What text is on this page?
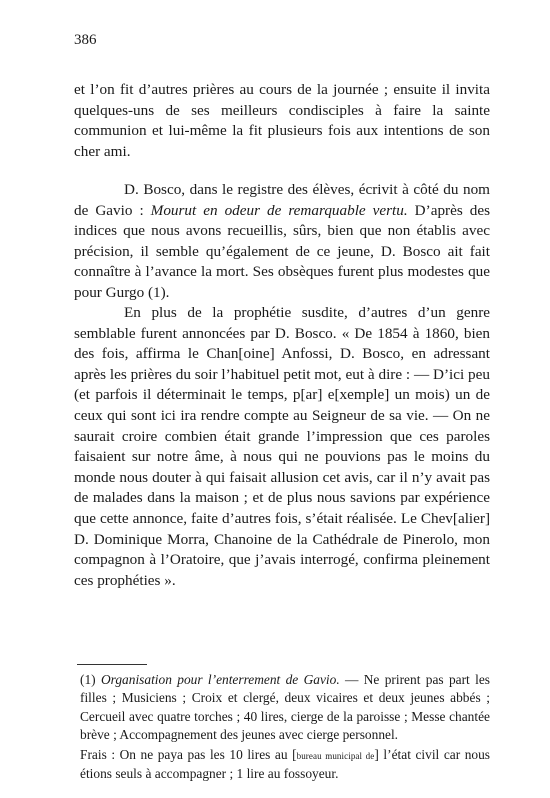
386

et l’on fit d’autres prières au cours de la journée ; ensuite il invita quelques-uns de ses meilleurs condisciples à faire la sainte communion et lui-même la fit plusieurs fois aux intentions de son cher ami.

D. Bosco, dans le registre des élèves, écrivit à côté du nom de Gavio : Mourut en odeur de remarquable vertu. D’après des indices que nous avons recueillis, sûrs, bien que non établis avec précision, il semble qu’également de ce jeune, D. Bosco ait fait connaître à l’avance la mort. Ses obsèques furent plus modestes que pour Gurgo (1).

En plus de la prophétie susdite, d’autres d’un genre semblable furent annoncées par D. Bosco. « De 1854 à 1860, bien des fois, affirma le Chan[oine] Anfossi, D. Bosco, en adressant après les prières du soir l’habituel petit mot, eut à dire : — D’ici peu (et parfois il déterminait le temps, p[ar] e[xemple] un mois) un de ceux qui sont ici ira rendre compte au Seigneur de sa vie. — On ne saurait croire combien était grande l’impression que ces paroles faisaient sur notre âme, à nous qui ne pouvions pas le moins du monde nous douter à qui faisait allusion cet avis, car il n’y avait pas de malades dans la maison ; et de plus nous savions par expérience que cette annonce, faite d’autres fois, s’était réalisée. Le Chev[alier] D. Dominique Morra, Chanoine de la Cathédrale de Pinerolo, mon compagnon à l’Oratoire, que j’avais interrogé, confirma pleinement ces prophéties ».

(1) Organisation pour l’enterrement de Gavio. — Ne prirent pas part les filles ; Musiciens ; Croix et clergé, deux vicaires et deux jeunes abbés ; Cercueil avec quatre torches ; 40 lires, cierge de la paroisse ; Messe chantée brève ; Accompagnement des jeunes avec cierge personnel.

Frais : On ne paya pas les 10 lires au [bureau municipal de] l’état civil car nous étions seuls à accompagner ; 1 lire au fossoyeur.
